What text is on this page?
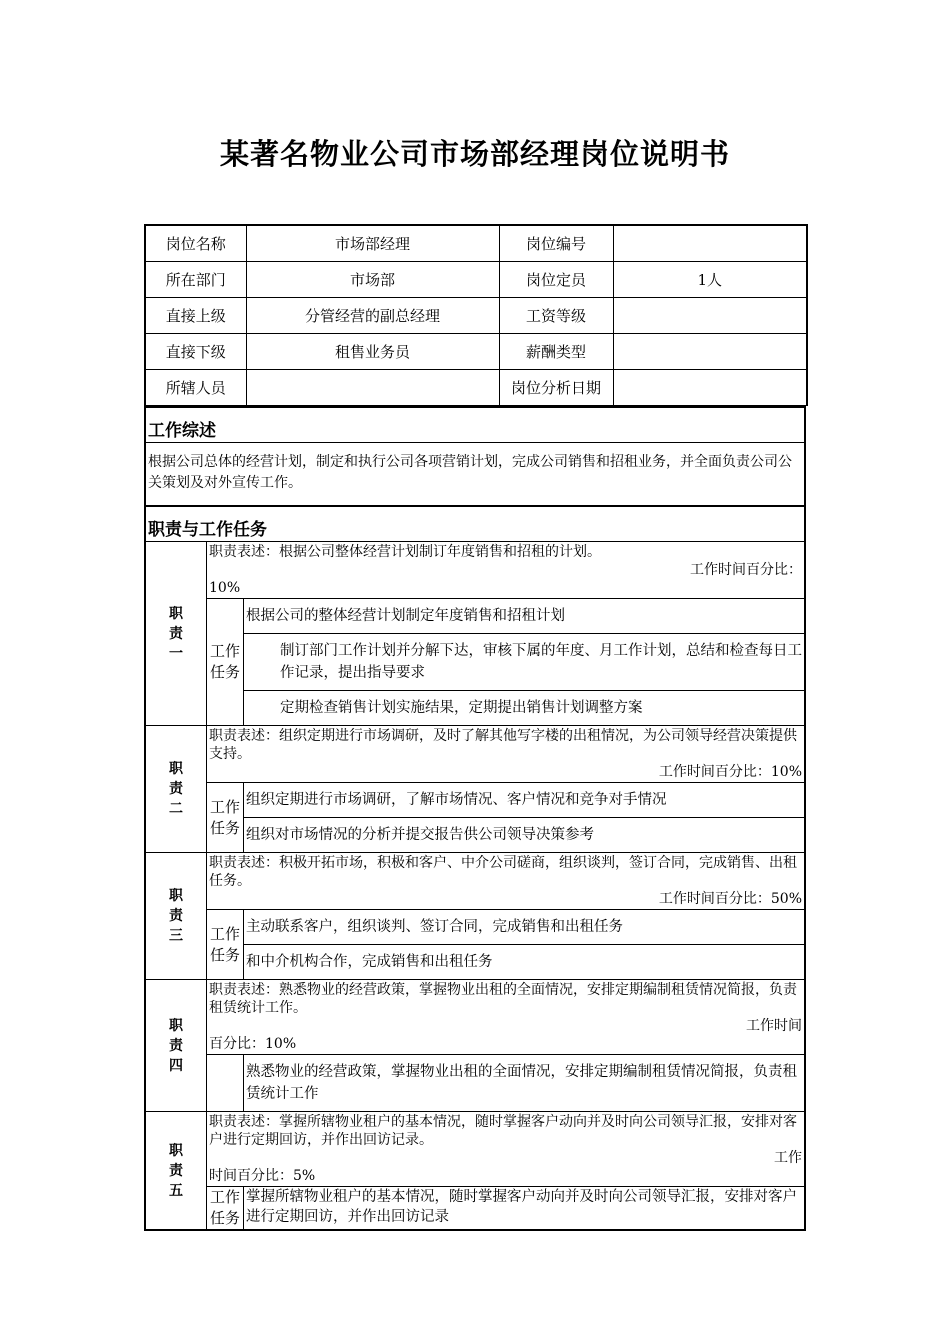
某著名物业公司市场部经理岗位说明书
岗位名称	市场部经理	岗位编号	
所在部门	市场部	岗位定员	1人
直接上级	分管经营的副总经理	工资等级	
直接下级	租售业务员	薪酬类型	
所辖人员		岗位分析日期	
工作综述
根据公司总体的经营计划，制定和执行公司各项营销计划，完成公司销售和招租业务，并全面负责公司公关策划及对外宣传工作。
职责与工作任务
职责一
职责表述：根据公司整体经营计划制订年度销售和招租的计划。
工作时间百分比：
10%
工作任务
根据公司的整体经营计划制定年度销售和招租计划
制订部门工作计划并分解下达，审核下属的年度、月工作计划，总结和检查每日工作记录，提出指导要求
定期检查销售计划实施结果，定期提出销售计划调整方案
职责二
职责表述：组织定期进行市场调研，及时了解其他写字楼的出租情况，为公司领导经营决策提供支持。
工作时间百分比：10%
工作任务
组织定期进行市场调研，了解市场情况、客户情况和竞争对手情况
组织对市场情况的分析并提交报告供公司领导决策参考
职责三
职责表述：积极开拓市场，积极和客户、中介公司磋商，组织谈判，签订合同，完成销售、出租任务。
工作时间百分比：50%
工作任务
主动联系客户，组织谈判、签订合同，完成销售和出租任务
和中介机构合作，完成销售和出租任务
职责四
职责表述：熟悉物业的经营政策，掌握物业出租的全面情况，安排定期编制租赁情况简报，负责租赁统计工作。
工作时间
百分比：10%
熟悉物业的经营政策，掌握物业出租的全面情况，安排定期编制租赁情况简报，负责租赁统计工作
职责五
职责表述：掌握所辖物业租户的基本情况，随时掌握客户动向并及时向公司领导汇报，安排对客户进行定期回访，并作出回访记录。
工作
时间百分比：5%
工作任务
掌握所辖物业租户的基本情况，随时掌握客户动向并及时向公司领导汇报，安排对客户进行定期回访，并作出回访记录
